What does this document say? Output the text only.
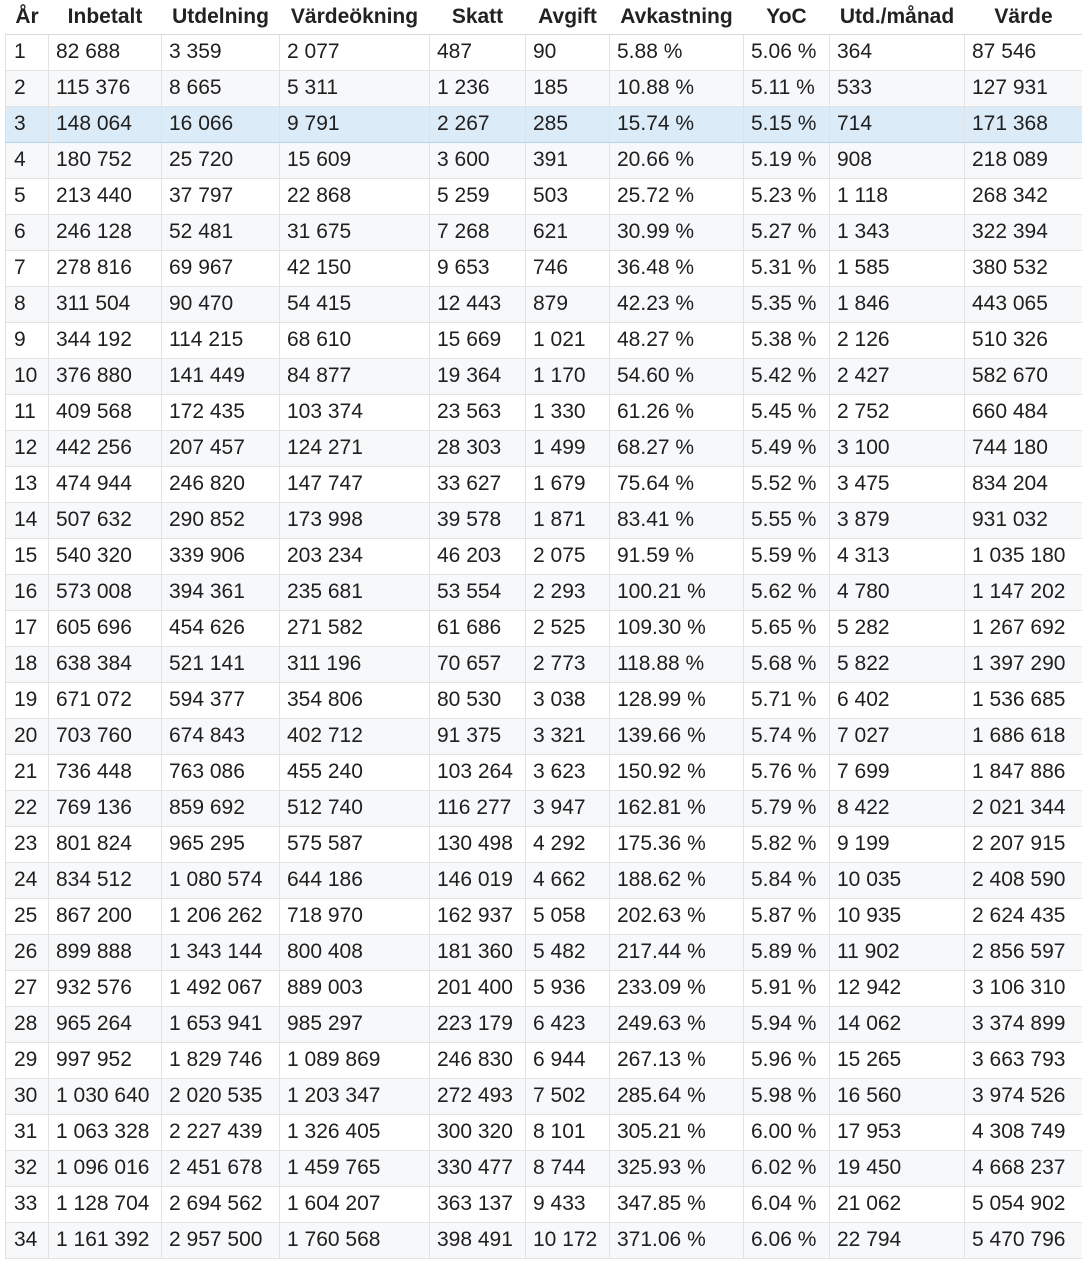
År	Inbetalt	Utdelning	Värdeökning	Skatt	Avgift	Avkastning	YoC	Utd./månad	Värde
1	82 688	3 359	2 077	487	90	5.88 %	5.06 %	364	87 546
2	115 376	8 665	5 311	1 236	185	10.88 %	5.11 %	533	127 931
3	148 064	16 066	9 791	2 267	285	15.74 %	5.15 %	714	171 368
4	180 752	25 720	15 609	3 600	391	20.66 %	5.19 %	908	218 089
5	213 440	37 797	22 868	5 259	503	25.72 %	5.23 %	1 118	268 342
6	246 128	52 481	31 675	7 268	621	30.99 %	5.27 %	1 343	322 394
7	278 816	69 967	42 150	9 653	746	36.48 %	5.31 %	1 585	380 532
8	311 504	90 470	54 415	12 443	879	42.23 %	5.35 %	1 846	443 065
9	344 192	114 215	68 610	15 669	1 021	48.27 %	5.38 %	2 126	510 326
10	376 880	141 449	84 877	19 364	1 170	54.60 %	5.42 %	2 427	582 670
11	409 568	172 435	103 374	23 563	1 330	61.26 %	5.45 %	2 752	660 484
12	442 256	207 457	124 271	28 303	1 499	68.27 %	5.49 %	3 100	744 180
13	474 944	246 820	147 747	33 627	1 679	75.64 %	5.52 %	3 475	834 204
14	507 632	290 852	173 998	39 578	1 871	83.41 %	5.55 %	3 879	931 032
15	540 320	339 906	203 234	46 203	2 075	91.59 %	5.59 %	4 313	1 035 180
16	573 008	394 361	235 681	53 554	2 293	100.21 %	5.62 %	4 780	1 147 202
17	605 696	454 626	271 582	61 686	2 525	109.30 %	5.65 %	5 282	1 267 692
18	638 384	521 141	311 196	70 657	2 773	118.88 %	5.68 %	5 822	1 397 290
19	671 072	594 377	354 806	80 530	3 038	128.99 %	5.71 %	6 402	1 536 685
20	703 760	674 843	402 712	91 375	3 321	139.66 %	5.74 %	7 027	1 686 618
21	736 448	763 086	455 240	103 264	3 623	150.92 %	5.76 %	7 699	1 847 886
22	769 136	859 692	512 740	116 277	3 947	162.81 %	5.79 %	8 422	2 021 344
23	801 824	965 295	575 587	130 498	4 292	175.36 %	5.82 %	9 199	2 207 915
24	834 512	1 080 574	644 186	146 019	4 662	188.62 %	5.84 %	10 035	2 408 590
25	867 200	1 206 262	718 970	162 937	5 058	202.63 %	5.87 %	10 935	2 624 435
26	899 888	1 343 144	800 408	181 360	5 482	217.44 %	5.89 %	11 902	2 856 597
27	932 576	1 492 067	889 003	201 400	5 936	233.09 %	5.91 %	12 942	3 106 310
28	965 264	1 653 941	985 297	223 179	6 423	249.63 %	5.94 %	14 062	3 374 899
29	997 952	1 829 746	1 089 869	246 830	6 944	267.13 %	5.96 %	15 265	3 663 793
30	1 030 640	2 020 535	1 203 347	272 493	7 502	285.64 %	5.98 %	16 560	3 974 526
31	1 063 328	2 227 439	1 326 405	300 320	8 101	305.21 %	6.00 %	17 953	4 308 749
32	1 096 016	2 451 678	1 459 765	330 477	8 744	325.93 %	6.02 %	19 450	4 668 237
33	1 128 704	2 694 562	1 604 207	363 137	9 433	347.85 %	6.04 %	21 062	5 054 902
34	1 161 392	2 957 500	1 760 568	398 491	10 172	371.06 %	6.06 %	22 794	5 470 796
